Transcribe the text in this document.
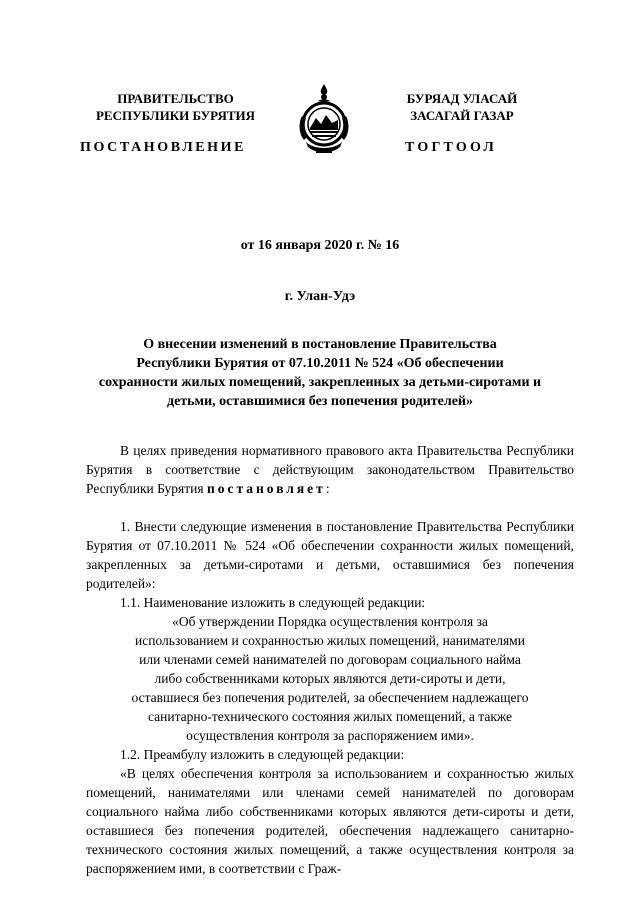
ПРАВИТЕЛЬСТВО
РЕСПУБЛИКИ БУРЯТИЯ
ПОСТАНОВЛЕНИЕ
БУРЯАД УЛАСАЙ
ЗАСАГАЙ ГАЗАР
ТОГТООЛ
от 16 января 2020 г. № 16
г. Улан-Удэ
О внесении изменений в постановление Правительства
Республики Бурятия от 07.10.2011 № 524 «Об обеспечении
сохранности жилых помещений, закрепленных за детьми-сиротами и
детьми, оставшимися без попечения родителей»

В целях приведения нормативного правового акта Правительства Республики Бурятия в соответствие с действующим законодательством Правительство Республики Бурятия постановляет:

1. Внести следующие изменения в постановление Правительства Республики Бурятия от 07.10.2011 № 524 «Об обеспечении сохранности жилых помещений, закрепленных за детьми-сиротами и детьми, оставшимися без попечения родителей»:

1.1. Наименование изложить в следующей редакции:

«Об утверждении Порядка осуществления контроля за
использованием и сохранностью жилых помещений, нанимателями
или членами семей нанимателей по договорам социального найма
либо собственниками которых являются дети-сироты и дети,
оставшиеся без попечения родителей, за обеспечением надлежащего
санитарно-технического состояния жилых помещений, а также
осуществления контроля за распоряжением ими».

1.2. Преамбулу изложить в следующей редакции:

«В целях обеспечения контроля за использованием и сохранностью жилых помещений, нанимателями или членами семей нанимателей по договорам социального найма либо собственниками которых являются дети-сироты и дети, оставшиеся без попечения родителей, обеспечения надлежащего санитарно-технического состояния жилых помещений, а также осуществления контроля за распоряжением ими, в соответствии с Граж-
